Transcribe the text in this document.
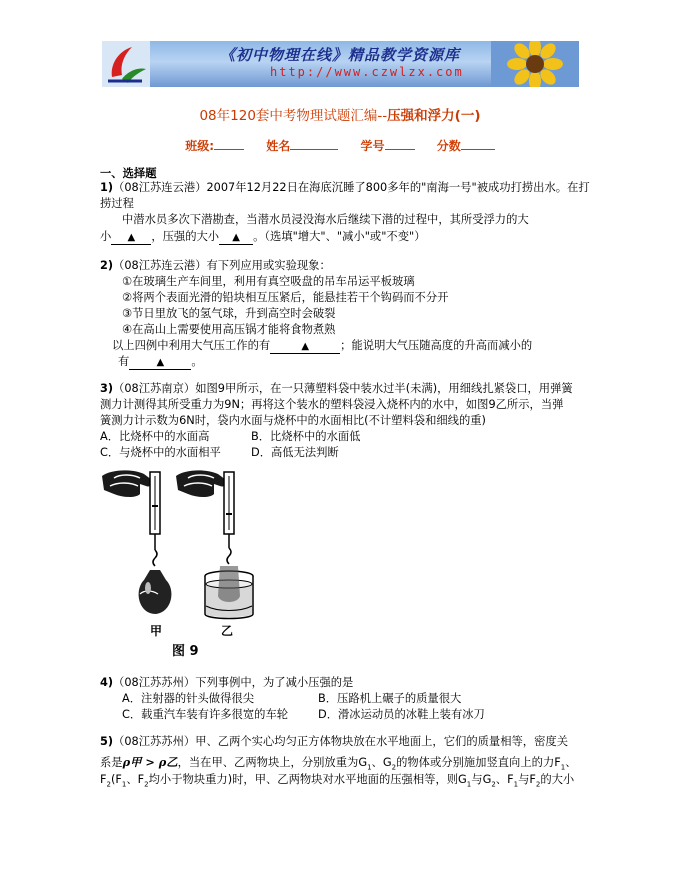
《初中物理在线》精品教学资源库
http://www.czwlzx.com
08年120套中考物理试题汇编--压强和浮力(一)
班级:	姓名	学号	分数
一、选择题
1)（08江苏连云港）2007年12月22日在海底沉睡了800多年的"南海一号"被成功打捞出水。在打
捞过程
中潜水员多次下潜勘查，当潜水员浸没海水后继续下潜的过程中，其所受浮力的大
小 ▲ ，压强的大小 ▲ 。（选填"增大"、"减小"或"不变"）
2)（08江苏连云港）有下列应用或实验现象：
①在玻璃生产车间里，利用有真空吸盘的吊车吊运平板玻璃
②将两个表面光滑的铅块相互压紧后，能悬挂若干个钩码而不分开
③节日里放飞的氢气球，升到高空时会破裂
④在高山上需要使用高压锅才能将食物煮熟
以上四例中利用大气压工作的有	▲	；能说明大气压随高度的升高而减小的
有	▲ 。
3)（08江苏南京）如图9甲所示，在一只薄塑料袋中装水过半(未满)，用细线扎紧袋口，用弹簧
测力计测得其所受重力为9N；再将这个装水的塑料袋浸入烧杯内的水中，如图9乙所示，当弹
簧测力计示数为6N时，袋内水面与烧杯中的水面相比(不计塑料袋和细线的重)
A．比烧杯中的水面高	B．比烧杯中的水面低
C．与烧杯中的水面相平	D．高低无法判断
甲	乙
图 9
4)（08江苏苏州）下列事例中，为了减小压强的是
A．注射器的针头做得很尖	B．压路机上碾子的质量很大
C．载重汽车装有许多很宽的车轮	D．滑冰运动员的冰鞋上装有冰刀
5)（08江苏苏州）甲、乙两个实心均匀正方体物块放在水平地面上，它们的质量相等，密度关
系是ρ甲 > ρ乙，当在甲、乙两物块上，分别放重为$G_1$、$G_2$的物体或分别施加竖直向上的力$F_1$、
$F_2(F_1$、$F_2$均小于物块重力)时，甲、乙两物块对水平地面的压强相等，则$G_1$与$G_2$、$F_1$与$F_2$的大小
